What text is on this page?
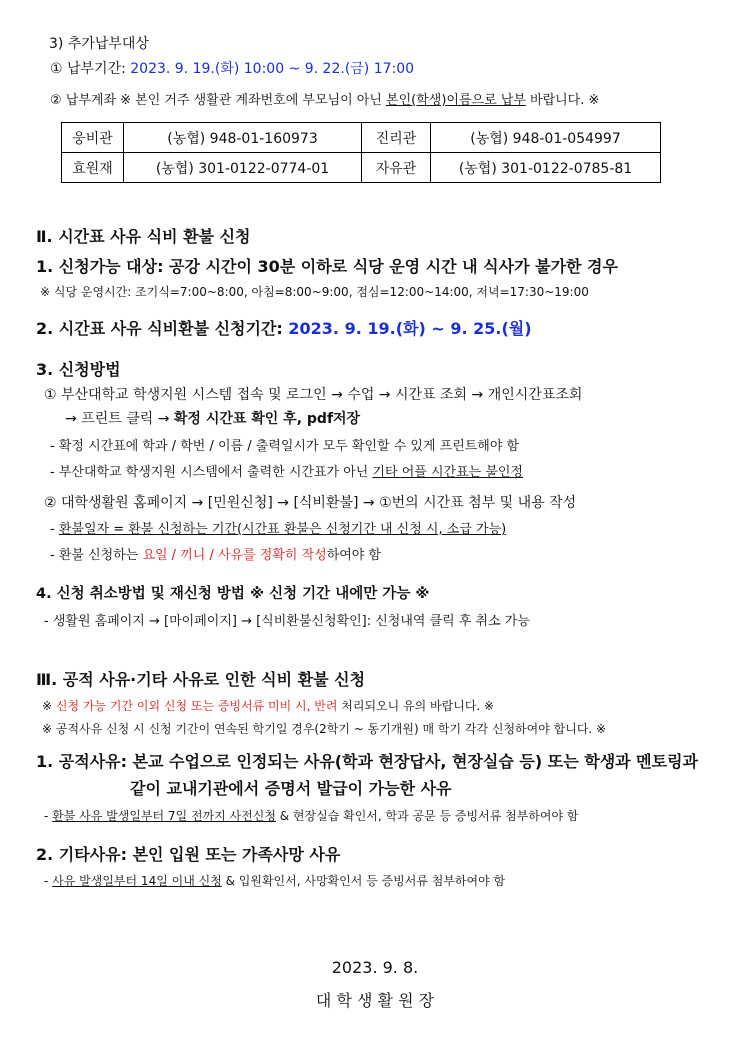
3) 추가납부대상
① 납부기간: 2023. 9. 19.(화) 10:00 ~ 9. 22.(금) 17:00
② 납부계좌 ※ 본인 거주 생활관 계좌번호에 부모님이 아닌 본인(학생)이름으로 납부 바랍니다. ※
웅비관	(농협) 948-01-160973	진리관	(농협) 948-01-054997
효원재	(농협) 301-0122-0774-01	자유관	(농협) 301-0122-0785-81
Ⅱ. 시간표 사유 식비 환불 신청
1. 신청가능 대상: 공강 시간이 30분 이하로 식당 운영 시간 내 식사가 불가한 경우
※ 식당 운영시간: 조기식=7:00~8:00, 아침=8:00~9:00, 점심=12:00~14:00, 저녁=17:30~19:00
2. 시간표 사유 식비환불 신청기간: 2023. 9. 19.(화) ~ 9. 25.(월)
3. 신청방법
① 부산대학교 학생지원 시스템 접속 및 로그인 → 수업 → 시간표 조회 → 개인시간표조회
→ 프린트 클릭 → 확정 시간표 확인 후, pdf저장
- 확정 시간표에 학과 / 학번 / 이름 / 출력일시가 모두 확인할 수 있게 프린트해야 함
- 부산대학교 학생지원 시스템에서 출력한 시간표가 아닌 기타 어플 시간표는 불인정
② 대학생활원 홈페이지 → [민원신청] → [식비환불] → ①번의 시간표 첨부 및 내용 작성
- 환불일자 = 환불 신청하는 기간(시간표 환불은 신청기간 내 신청 시, 소급 가능)
- 환불 신청하는 요일 / 끼니 / 사유를 정확히 작성하여야 함
4. 신청 취소방법 및 재신청 방법 ※ 신청 기간 내에만 가능 ※
- 생활원 홈페이지 → [마이페이지] → [식비환불신청확인]: 신청내역 클릭 후 취소 가능
Ⅲ. 공적 사유·기타 사유로 인한 식비 환불 신청
※ 신청 가능 기간 이외 신청 또는 증빙서류 미비 시, 반려 처리되오니 유의 바랍니다. ※
※ 공적사유 신청 시 신청 기간이 연속된 학기일 경우(2학기 ~ 동기개원) 매 학기 각각 신청하여야 합니다. ※
1. 공적사유: 본교 수업으로 인정되는 사유(학과 현장답사, 현장실습 등) 또는 학생과 멘토링과
같이 교내기관에서 증명서 발급이 가능한 사유
- 환불 사유 발생일부터 7일 전까지 사전신청 & 현장실습 확인서, 학과 공문 등 증빙서류 첨부하여야 함
2. 기타사유: 본인 입원 또는 가족사망 사유
- 사유 발생일부터 14일 이내 신청 & 입원확인서, 사망확인서 등 증빙서류 첨부하여야 함
2023. 9. 8.
대 학 생 활 원 장
